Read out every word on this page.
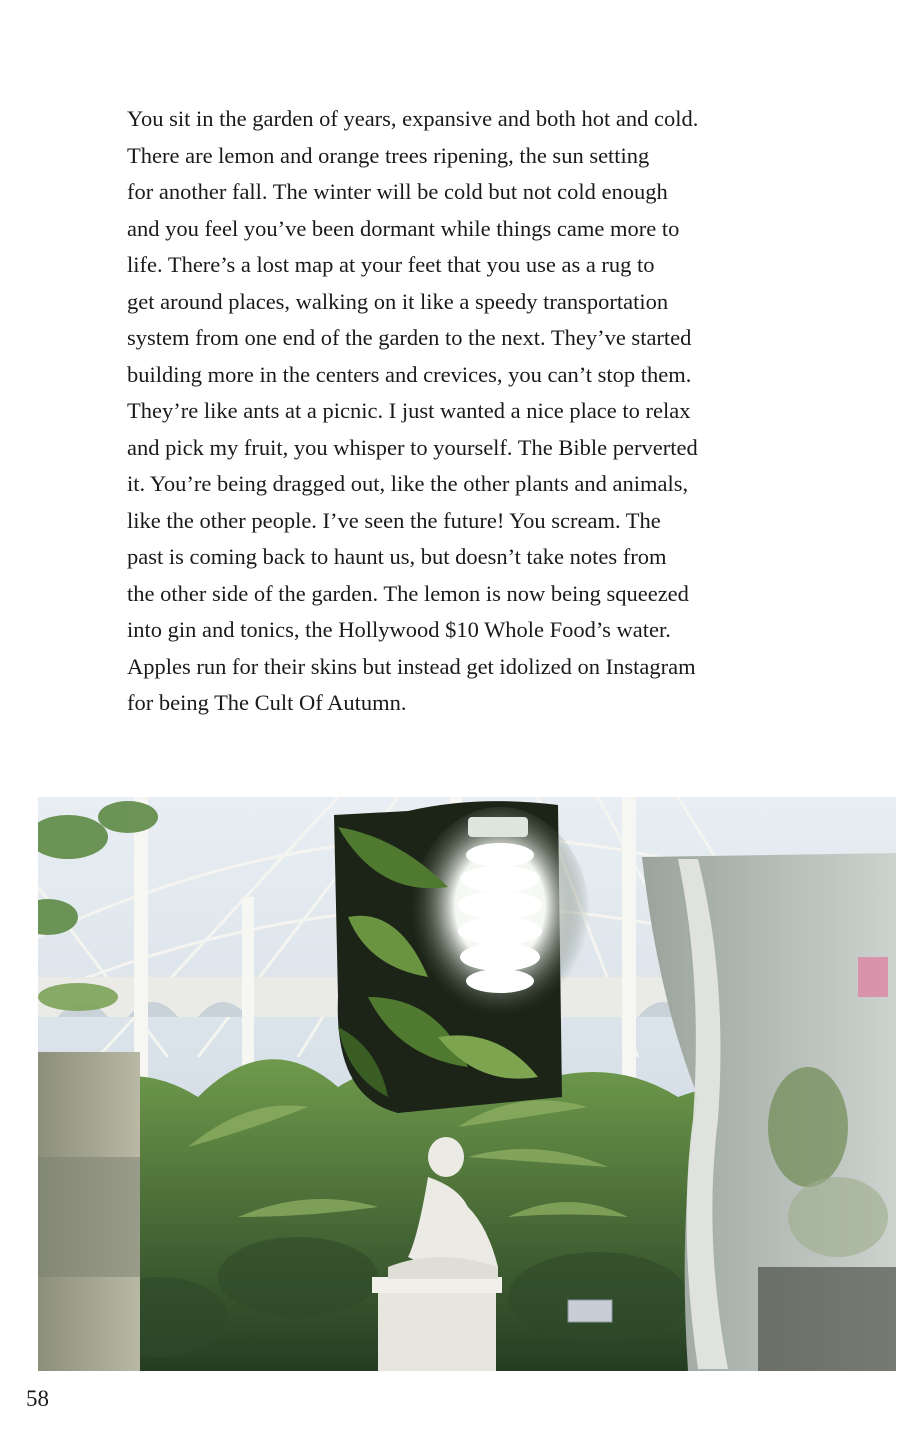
You sit in the garden of years, expansive and both hot and cold.
There are lemon and orange trees ripening, the sun setting
for another fall. The winter will be cold but not cold enough
and you feel you’ve been dormant while things came more to
life. There’s a lost map at your feet that you use as a rug to
get around places, walking on it like a speedy transportation
system from one end of the garden to the next. They’ve started
building more in the centers and crevices, you can’t stop them.
They’re like ants at a picnic. I just wanted a nice place to relax
and pick my fruit, you whisper to yourself. The Bible perverted
it. You’re being dragged out, like the other plants and animals,
like the other people. I’ve seen the future! You scream. The
past is coming back to haunt us, but doesn’t take notes from
the other side of the garden. The lemon is now being squeezed
into gin and tonics, the Hollywood $10 Whole Food’s water.
Apples run for their skins but instead get idolized on Instagram
for being The Cult Of Autumn.
58
